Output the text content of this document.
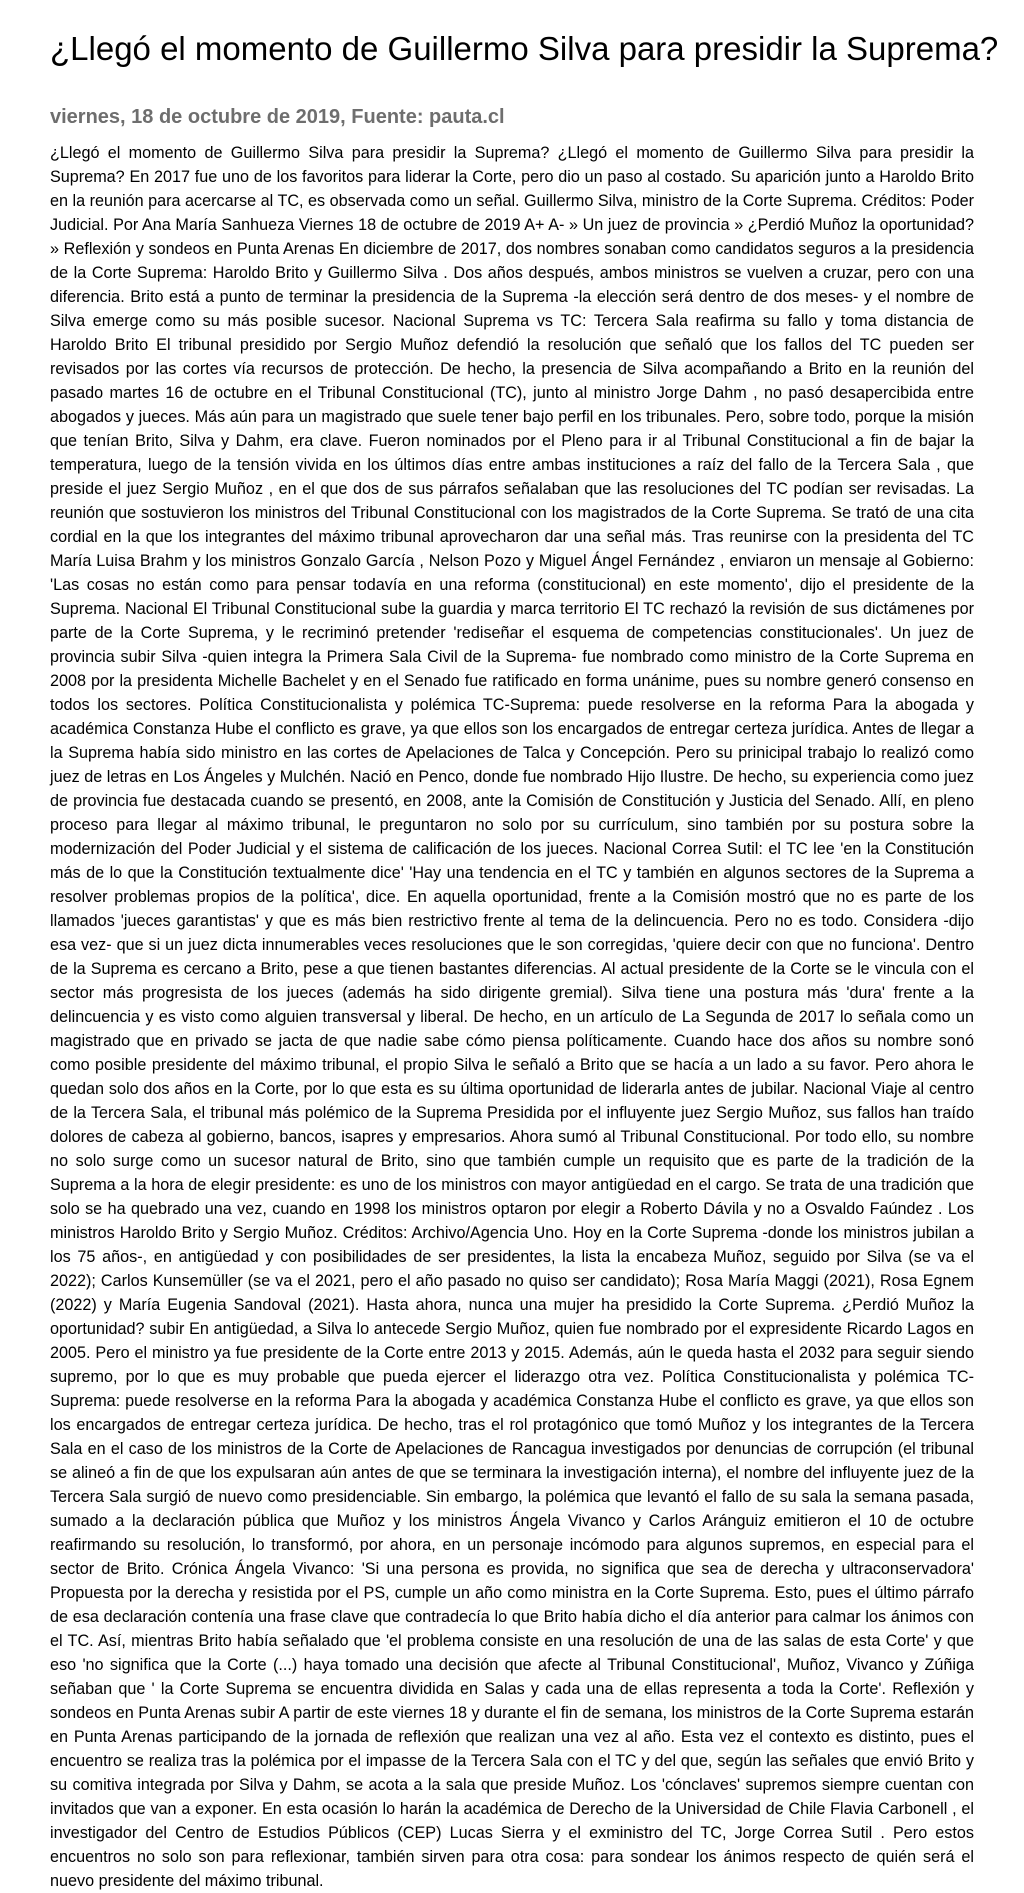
¿Llegó el momento de Guillermo Silva para presidir la Suprema?
viernes, 18 de octubre de 2019, Fuente: pauta.cl

¿Llegó el momento de Guillermo Silva para presidir la Suprema? ¿Llegó el momento de Guillermo Silva para presidir la Suprema? En 2017 fue uno de los favoritos para liderar la Corte, pero dio un paso al costado. Su aparición junto a Haroldo Brito en la reunión para acercarse al TC, es observada como un señal. Guillermo Silva, ministro de la Corte Suprema. Créditos: Poder Judicial. Por Ana María Sanhueza Viernes 18 de octubre de 2019 A+ A- » Un juez de provincia » ¿Perdió Muñoz la oportunidad? » Reflexión y sondeos en Punta Arenas En diciembre de 2017, dos nombres sonaban como candidatos seguros a la presidencia de la Corte Suprema: Haroldo Brito y Guillermo Silva . Dos años después, ambos ministros se vuelven a cruzar, pero con una diferencia. Brito está a punto de terminar la presidencia de la Suprema -la elección será dentro de dos meses- y el nombre de Silva emerge como su más posible sucesor. Nacional Suprema vs TC: Tercera Sala reafirma su fallo y toma distancia de Haroldo Brito El tribunal presidido por Sergio Muñoz defendió la resolución que señaló que los fallos del TC pueden ser revisados por las cortes vía recursos de protección. De hecho, la presencia de Silva acompañando a Brito en la reunión del pasado martes 16 de octubre en el Tribunal Constitucional (TC), junto al ministro Jorge Dahm , no pasó desapercibida entre abogados y jueces. Más aún para un magistrado que suele tener bajo perfil en los tribunales. Pero, sobre todo, porque la misión que tenían Brito, Silva y Dahm, era clave. Fueron nominados por el Pleno para ir al Tribunal Constitucional a fin de bajar la temperatura, luego de la tensión vivida en los últimos días entre ambas instituciones a raíz del fallo de la Tercera Sala , que preside el juez Sergio Muñoz , en el que dos de sus párrafos señalaban que las resoluciones del TC podían ser revisadas. La reunión que sostuvieron los ministros del Tribunal Constitucional con los magistrados de la Corte Suprema. Se trató de una cita cordial en la que los integrantes del máximo tribunal aprovecharon dar una señal más. Tras reunirse con la presidenta del TC María Luisa Brahm y los ministros Gonzalo García , Nelson Pozo y Miguel Ángel Fernández , enviaron un mensaje al Gobierno: 'Las cosas no están como para pensar todavía en una reforma (constitucional) en este momento', dijo el presidente de la Suprema. Nacional El Tribunal Constitucional sube la guardia y marca territorio El TC rechazó la revisión de sus dictámenes por parte de la Corte Suprema, y le recriminó pretender 'rediseñar el esquema de competencias constitucionales'. Un juez de provincia subir Silva -quien integra la Primera Sala Civil de la Suprema- fue nombrado como ministro de la Corte Suprema en 2008 por la presidenta Michelle Bachelet y en el Senado fue ratificado en forma unánime, pues su nombre generó consenso en todos los sectores. Política Constitucionalista y polémica TC-Suprema: puede resolverse en la reforma Para la abogada y académica Constanza Hube el conflicto es grave, ya que ellos son los encargados de entregar certeza jurídica. Antes de llegar a la Suprema había sido ministro en las cortes de Apelaciones de Talca y Concepción. Pero su prinicipal trabajo lo realizó como juez de letras en Los Ángeles y Mulchén. Nació en Penco, donde fue nombrado Hijo Ilustre. De hecho, su experiencia como juez de provincia fue destacada cuando se presentó, en 2008, ante la Comisión de Constitución y Justicia del Senado. Allí, en pleno proceso para llegar al máximo tribunal, le preguntaron no solo por su currículum, sino también por su postura sobre la modernización del Poder Judicial y el sistema de calificación de los jueces. Nacional Correa Sutil: el TC lee 'en la Constitución más de lo que la Constitución textualmente dice' 'Hay una tendencia en el TC y también en algunos sectores de la Suprema a resolver problemas propios de la política', dice. En aquella oportunidad, frente a la Comisión mostró que no es parte de los llamados 'jueces garantistas' y que es más bien restrictivo frente al tema de la delincuencia. Pero no es todo. Considera -dijo esa vez- que si un juez dicta innumerables veces resoluciones que le son corregidas, 'quiere decir con que no funciona'. Dentro de la Suprema es cercano a Brito, pese a que tienen bastantes diferencias. Al actual presidente de la Corte se le vincula con el sector más progresista de los jueces (además ha sido dirigente gremial). Silva tiene una postura más 'dura' frente a la delincuencia y es visto como alguien transversal y liberal. De hecho, en un artículo de La Segunda de 2017 lo señala como un magistrado que en privado se jacta de que nadie sabe cómo piensa políticamente. Cuando hace dos años su nombre sonó como posible presidente del máximo tribunal, el propio Silva le señaló a Brito que se hacía a un lado a su favor. Pero ahora le quedan solo dos años en la Corte, por lo que esta es su última oportunidad de liderarla antes de jubilar. Nacional Viaje al centro de la Tercera Sala, el tribunal más polémico de la Suprema Presidida por el influyente juez Sergio Muñoz, sus fallos han traído dolores de cabeza al gobierno, bancos, isapres y empresarios. Ahora sumó al Tribunal Constitucional. Por todo ello, su nombre no solo surge como un sucesor natural de Brito, sino que también cumple un requisito que es parte de la tradición de la Suprema a la hora de elegir presidente: es uno de los ministros con mayor antigüedad en el cargo. Se trata de una tradición que solo se ha quebrado una vez, cuando en 1998 los ministros optaron por elegir a Roberto Dávila y no a Osvaldo Faúndez . Los ministros Haroldo Brito y Sergio Muñoz. Créditos: Archivo/Agencia Uno. Hoy en la Corte Suprema -donde los ministros jubilan a los 75 años-, en antigüedad y con posibilidades de ser presidentes, la lista la encabeza Muñoz, seguido por Silva (se va el 2022); Carlos Kunsemüller (se va el 2021, pero el año pasado no quiso ser candidato); Rosa María Maggi (2021), Rosa Egnem (2022) y María Eugenia Sandoval (2021). Hasta ahora, nunca una mujer ha presidido la Corte Suprema. ¿Perdió Muñoz la oportunidad? subir En antigüedad, a Silva lo antecede Sergio Muñoz, quien fue nombrado por el expresidente Ricardo Lagos en 2005. Pero el ministro ya fue presidente de la Corte entre 2013 y 2015. Además, aún le queda hasta el 2032 para seguir siendo supremo, por lo que es muy probable que pueda ejercer el liderazgo otra vez. Política Constitucionalista y polémica TC-Suprema: puede resolverse en la reforma Para la abogada y académica Constanza Hube el conflicto es grave, ya que ellos son los encargados de entregar certeza jurídica. De hecho, tras el rol protagónico que tomó Muñoz y los integrantes de la Tercera Sala en el caso de los ministros de la Corte de Apelaciones de Rancagua investigados por denuncias de corrupción (el tribunal se alineó a fin de que los expulsaran aún antes de que se terminara la investigación interna), el nombre del influyente juez de la Tercera Sala surgió de nuevo como presidenciable. Sin embargo, la polémica que levantó el fallo de su sala la semana pasada, sumado a la declaración pública que Muñoz y los ministros Ángela Vivanco y Carlos Aránguiz emitieron el 10 de octubre reafirmando su resolución, lo transformó, por ahora, en un personaje incómodo para algunos supremos, en especial para el sector de Brito. Crónica Ángela Vivanco: 'Si una persona es provida, no significa que sea de derecha y ultraconservadora' Propuesta por la derecha y resistida por el PS, cumple un año como ministra en la Corte Suprema. Esto, pues el último párrafo de esa declaración contenía una frase clave que contradecía lo que Brito había dicho el día anterior para calmar los ánimos con el TC. Así, mientras Brito había señalado que 'el problema consiste en una resolución de una de las salas de esta Corte' y que eso 'no significa que la Corte (...) haya tomado una decisión que afecte al Tribunal Constitucional', Muñoz, Vivanco y Zúñiga señaban que ' la Corte Suprema se encuentra dividida en Salas y cada una de ellas representa a toda la Corte'. Reflexión y sondeos en Punta Arenas subir A partir de este viernes 18 y durante el fin de semana, los ministros de la Corte Suprema estarán en Punta Arenas participando de la jornada de reflexión que realizan una vez al año. Esta vez el contexto es distinto, pues el encuentro se realiza tras la polémica por el impasse de la Tercera Sala con el TC y del que, según las señales que envió Brito y su comitiva integrada por Silva y Dahm, se acota a la sala que preside Muñoz. Los 'cónclaves' supremos siempre cuentan con invitados que van a exponer. En esta ocasión lo harán la académica de Derecho de la Universidad de Chile Flavia Carbonell , el investigador del Centro de Estudios Públicos (CEP) Lucas Sierra y el exministro del TC, Jorge Correa Sutil . Pero estos encuentros no solo son para reflexionar, también sirven para otra cosa: para sondear los ánimos respecto de quién será el nuevo presidente del máximo tribunal.
